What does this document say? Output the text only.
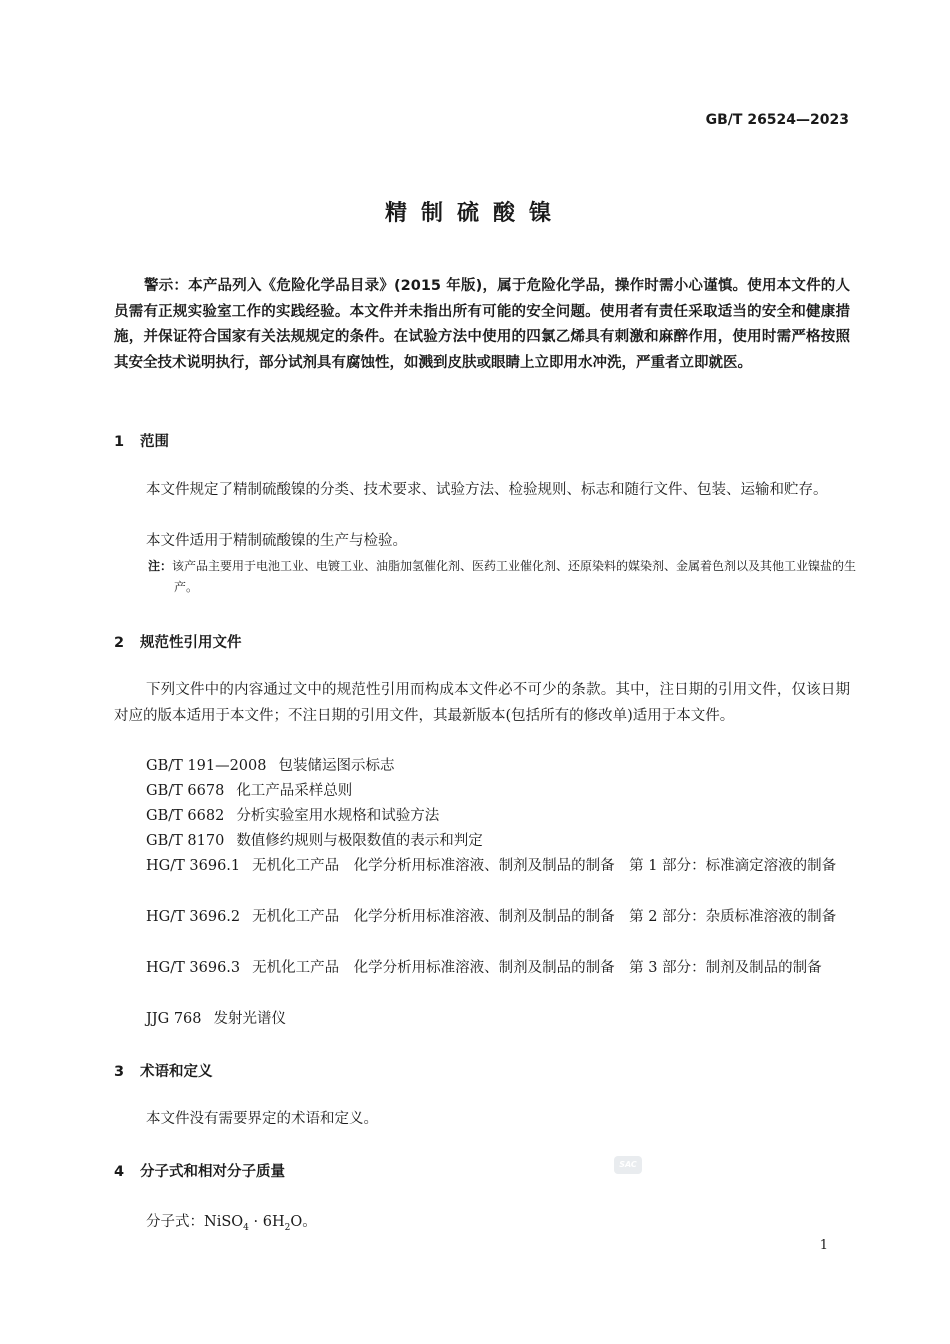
GB/T 26524—2023
精制硫酸镍

警示：本产品列入《危险化学品目录》(2015 年版)，属于危险化学品，操作时需小心谨慎。使用本文件的人员需有正规实验室工作的实践经验。本文件并未指出所有可能的安全问题。使用者有责任采取适当的安全和健康措施，并保证符合国家有关法规规定的条件。在试验方法中使用的四氯乙烯具有刺激和麻醉作用，使用时需严格按照其安全技术说明执行，部分试剂具有腐蚀性，如溅到皮肤或眼睛上立即用水冲洗，严重者立即就医。

1 范围

本文件规定了精制硫酸镍的分类、技术要求、试验方法、检验规则、标志和随行文件、包装、运输和贮存。

本文件适用于精制硫酸镍的生产与检验。

注：该产品主要用于电池工业、电镀工业、油脂加氢催化剂、医药工业催化剂、还原染料的媒染剂、金属着色剂以及其他工业镍盐的生产。

2 规范性引用文件

下列文件中的内容通过文中的规范性引用而构成本文件必不可少的条款。其中，注日期的引用文件，仅该日期对应的版本适用于本文件；不注日期的引用文件，其最新版本(包括所有的修改单)适用于本文件。

GB/T 191—2008 包装储运图示标志

GB/T 6678 化工产品采样总则

GB/T 6682 分析实验室用水规格和试验方法

GB/T 8170 数值修约规则与极限数值的表示和判定

HG/T 3696.1 无机化工产品　化学分析用标准溶液、制剂及制品的制备　第 1 部分：标准滴定溶液的制备

HG/T 3696.2 无机化工产品　化学分析用标准溶液、制剂及制品的制备　第 2 部分：杂质标准溶液的制备

HG/T 3696.3 无机化工产品　化学分析用标准溶液、制剂及制品的制备　第 3 部分：制剂及制品的制备

JJG 768 发射光谱仪

3 术语和定义

本文件没有需要界定的术语和定义。

4 分子式和相对分子质量	SAC
分子式：NiSO$_4$ · $6H_2O$。
1
